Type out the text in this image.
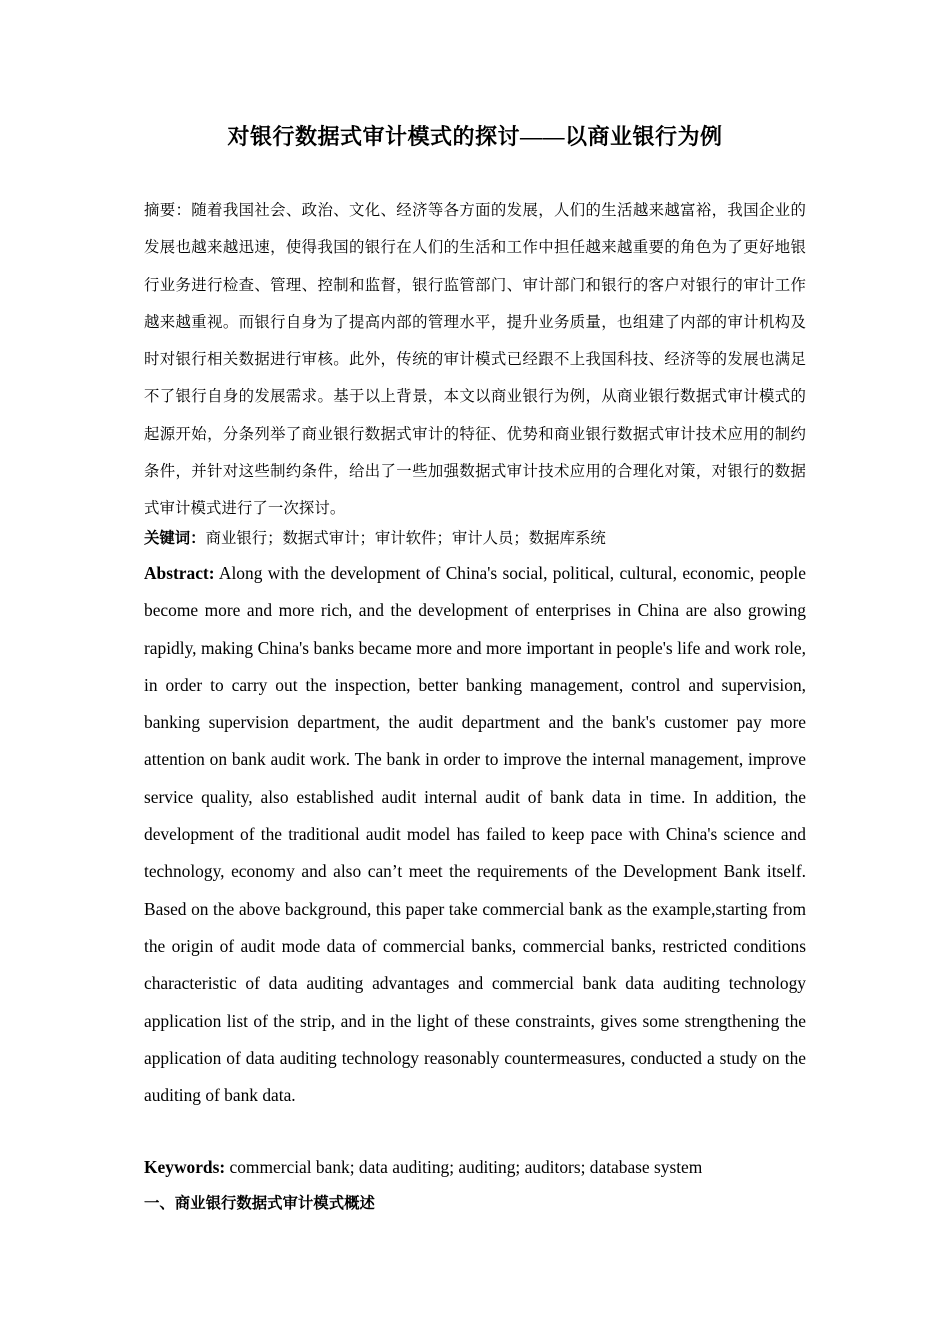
对银行数据式审计模式的探讨——以商业银行为例
摘要：随着我国社会、政治、文化、经济等各方面的发展，人们的生活越来越富裕，我国企业的发展也越来越迅速，使得我国的银行在人们的生活和工作中担任越来越重要的角色为了更好地银行业务进行检查、管理、控制和监督，银行监管部门、审计部门和银行的客户对银行的审计工作越来越重视。而银行自身为了提高内部的管理水平，提升业务质量，也组建了内部的审计机构及时对银行相关数据进行审核。此外，传统的审计模式已经跟不上我国科技、经济等的发展也满足不了银行自身的发展需求。基于以上背景，本文以商业银行为例，从商业银行数据式审计模式的起源开始，分条列举了商业银行数据式审计的特征、优势和商业银行数据式审计技术应用的制约条件，并针对这些制约条件，给出了一些加强数据式审计技术应用的合理化对策，对银行的数据式审计模式进行了一次探讨。
关键词：商业银行；数据式审计；审计软件；审计人员；数据库系统
Abstract: Along with the development of China's social, political, cultural, economic, people become more and more rich, and the development of enterprises in China are also growing rapidly, making China's banks became more and more important in people's life and work role, in order to carry out the inspection, better banking management, control and supervision, banking supervision department, the audit department and the bank's customer pay more attention on bank audit work. The bank in order to improve the internal management, improve service quality, also established audit internal audit of bank data in time. In addition, the development of the traditional audit model has failed to keep pace with China's science and technology, economy and also can’t meet the requirements of the Development Bank itself. Based on the above background, this paper take commercial bank as the example,starting from the origin of audit mode data of commercial banks, commercial banks, restricted conditions characteristic of data auditing advantages and commercial bank data auditing technology application list of the strip, and in the light of these constraints, gives some strengthening the application of data auditing technology reasonably countermeasures, conducted a study on the auditing of bank data.
Keywords: commercial bank; data auditing; auditing; auditors; database system
一、商业银行数据式审计模式概述
